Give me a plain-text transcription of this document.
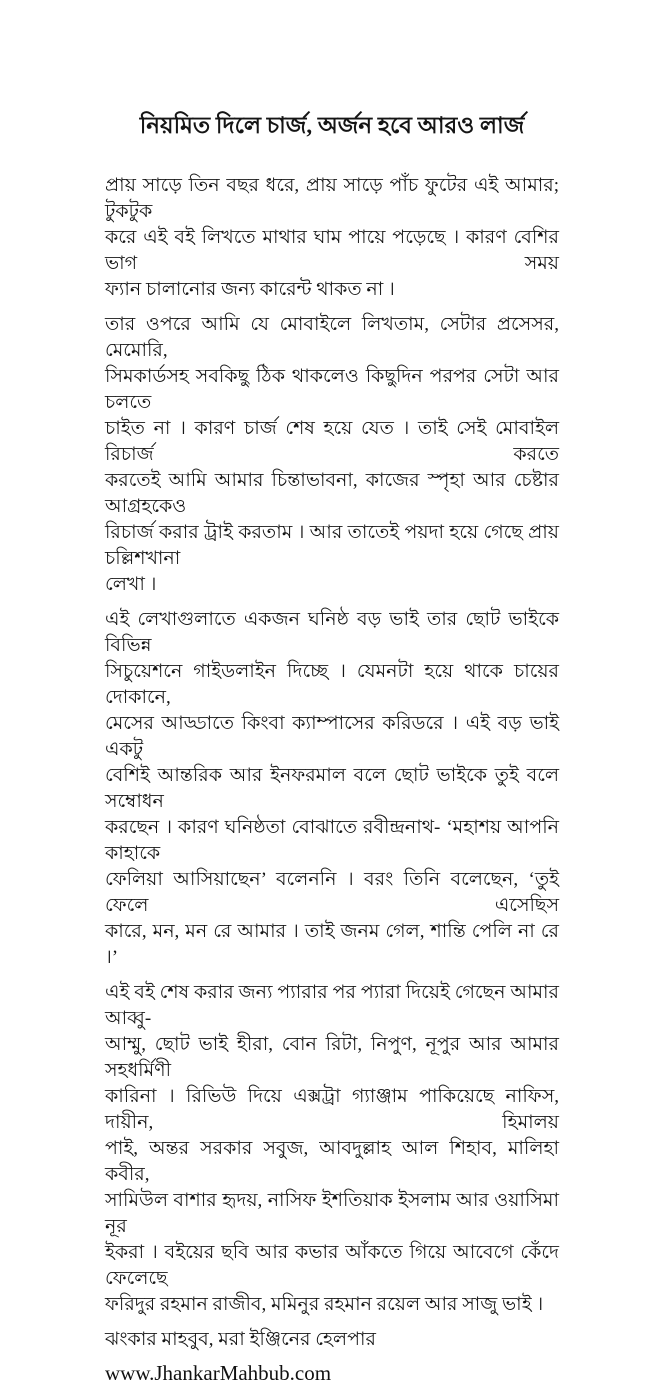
নিয়মিত দিলে চার্জ, অর্জন হবে আরও লার্জ

প্রায় সাড়ে তিন বছর ধরে, প্রায় সাড়ে পাঁচ ফুটের এই আমার; টুকটুক
করে এই বই লিখতে মাথার ঘাম পায়ে পড়েছে । কারণ বেশির ভাগ সময়
ফ্যান চালানোর জন্য কারেন্ট থাকত না ।

তার ওপরে আমি যে মোবাইলে লিখতাম, সেটার প্রসেসর, মেমোরি,
সিমকার্ডসহ সবকিছু ঠিক থাকলেও কিছুদিন পরপর সেটা আর চলতে
চাইত না । কারণ চার্জ শেষ হয়ে যেত । তাই সেই মোবাইল রিচার্জ করতে
করতেই আমি আমার চিন্তাভাবনা, কাজের স্পৃহা আর চেষ্টার আগ্রহকেও
রিচার্জ করার ট্রাই করতাম । আর তাতেই পয়দা হয়ে গেছে প্রায় চল্লিশখানা
লেখা ।

এই লেখাগুলাতে একজন ঘনিষ্ঠ বড় ভাই তার ছোট ভাইকে বিভিন্ন
সিচুয়েশনে গাইডলাইন দিচ্ছে । যেমনটা হয়ে থাকে চায়ের দোকানে,
মেসের আড্ডাতে কিংবা ক্যাম্পাসের করিডরে । এই বড় ভাই একটু
বেশিই আন্তরিক আর ইনফরমাল বলে ছোট ভাইকে তুই বলে সম্বোধন
করছেন । কারণ ঘনিষ্ঠতা বোঝাতে রবীন্দ্রনাথ- ‘মহাশয় আপনি কাহাকে
ফেলিয়া আসিয়াছেন’ বলেননি । বরং তিনি বলেছেন, ‘তুই ফেলে এসেছিস
কারে, মন, মন রে আমার । তাই জনম গেল, শান্তি পেলি না রে ।’

এই বই শেষ করার জন্য প্যারার পর প্যারা দিয়েই গেছেন আমার আব্বু-
আম্মু, ছোট ভাই হীরা, বোন রিটা, নিপুণ, নূপুর আর আমার সহধর্মিণী
কারিনা । রিভিউ দিয়ে এক্সট্রা গ্যাঞ্জাম পাকিয়েছে নাফিস, দায়ীন, হিমালয়
পাই, অন্তর সরকার সবুজ, আবদুল্লাহ আল শিহাব, মালিহা কবীর,
সামিউল বাশার হৃদয়, নাসিফ ইশতিয়াক ইসলাম আর ওয়াসিমা নূর
ইকরা । বইয়ের ছবি আর কভার আঁকতে গিয়ে আবেগে কেঁদে ফেলেছে
ফরিদুর রহমান রাজীব, মমিনুর রহমান রয়েল আর সাজু ভাই ।

ঝংকার মাহবুব, মরা ইঞ্জিনের হেলপার
www.JhankarMahbub.com
